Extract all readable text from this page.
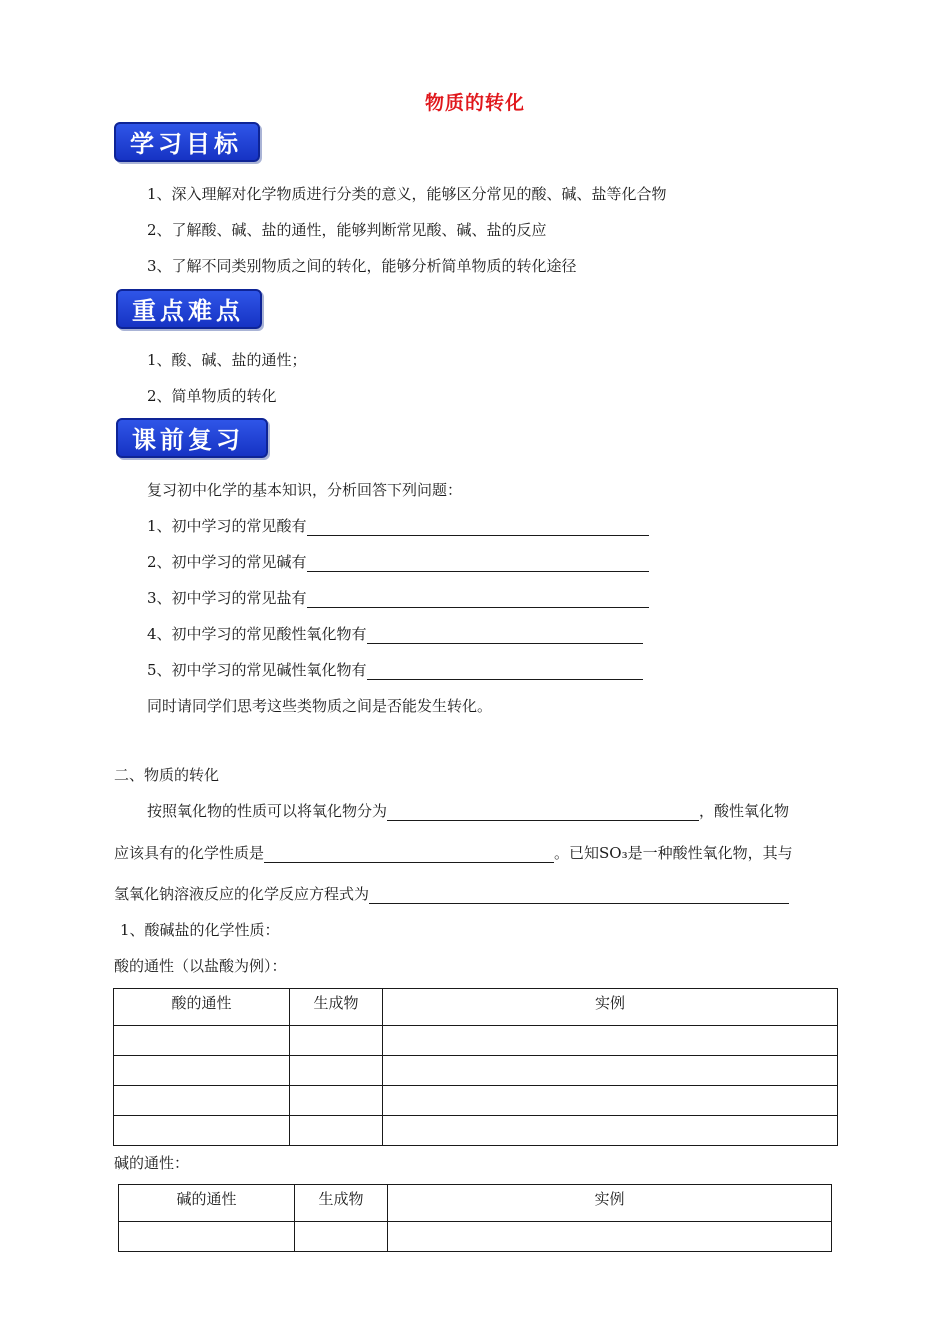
物质的转化
学习目标
1、深入理解对化学物质进行分类的意义，能够区分常见的酸、碱、盐等化合物
2、了解酸、碱、盐的通性，能够判断常见酸、碱、盐的反应
3、了解不同类别物质之间的转化，能够分析简单物质的转化途径
重点难点
1、酸、碱、盐的通性；
2、简单物质的转化
课前复习
复习初中化学的基本知识，分析回答下列问题：
1、初中学习的常见酸有
2、初中学习的常见碱有
3、初中学习的常见盐有
4、初中学习的常见酸性氧化物有
5、初中学习的常见碱性氧化物有
同时请同学们思考这些类物质之间是否能发生转化。
二、物质的转化
按照氧化物的性质可以将氧化物分为	，酸性氧化物
应该具有的化学性质是	。已知SO₃是一种酸性氧化物，其与
氢氧化钠溶液反应的化学反应方程式为
1、酸碱盐的化学性质：
酸的通性（以盐酸为例）：
酸的通性	生成物	实例

碱的通性：
碱的通性	生成物	实例
